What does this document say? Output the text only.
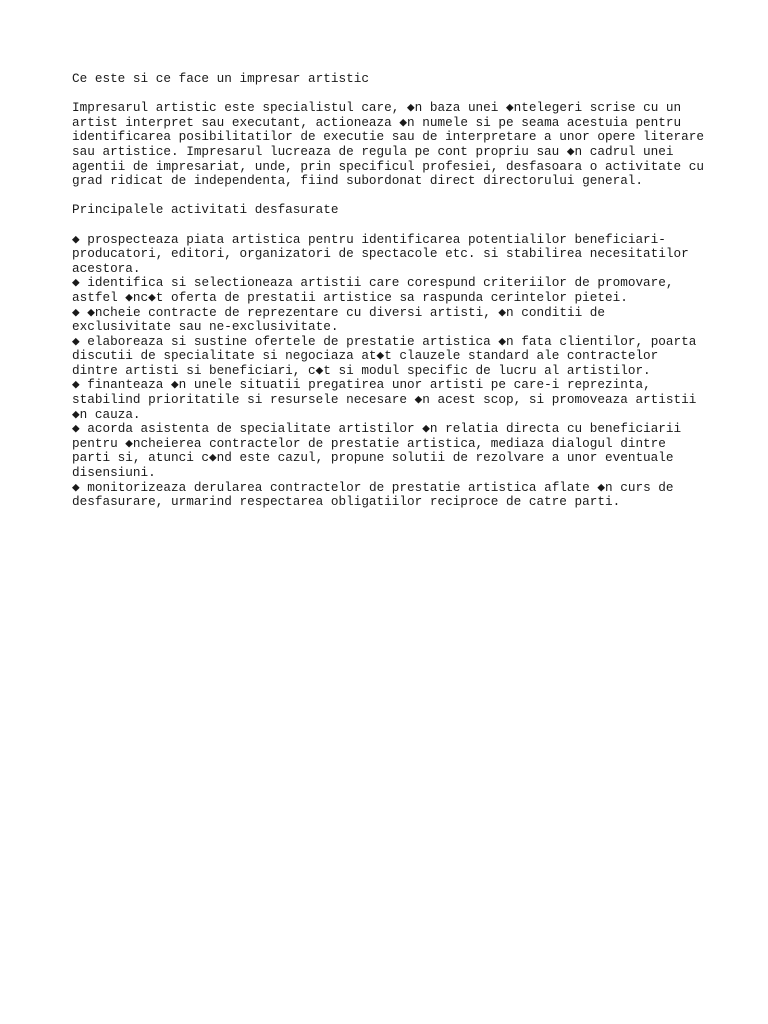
Ce este si ce face un impresar artistic
Impresarul artistic este specialistul care, ◆n baza unei ◆ntelegeri scrise cu un
artist interpret sau executant, actioneaza ◆n numele si pe seama acestuia pentru
identificarea posibilitatilor de executie sau de interpretare a unor opere literare
sau artistice. Impresarul lucreaza de regula pe cont propriu sau ◆n cadrul unei
agentii de impresariat, unde, prin specificul profesiei, desfasoara o activitate cu
grad ridicat de independenta, fiind subordonat direct directorului general.
Principalele activitati desfasurate
◆ prospecteaza piata artistica pentru identificarea potentialilor beneficiari-
producatori, editori, organizatori de spectacole etc. si stabilirea necesitatilor
acestora.
◆ identifica si selectioneaza artistii care corespund criteriilor de promovare,
astfel ◆nc◆t oferta de prestatii artistice sa raspunda cerintelor pietei.
◆ ◆ncheie contracte de reprezentare cu diversi artisti, ◆n conditii de
exclusivitate sau ne-exclusivitate.
◆ elaboreaza si sustine ofertele de prestatie artistica ◆n fata clientilor, poarta
discutii de specialitate si negociaza at◆t clauzele standard ale contractelor
dintre artisti si beneficiari, c◆t si modul specific de lucru al artistilor.
◆ finanteaza ◆n unele situatii pregatirea unor artisti pe care-i reprezinta,
stabilind prioritatile si resursele necesare ◆n acest scop, si promoveaza artistii
◆n cauza.
◆ acorda asistenta de specialitate artistilor ◆n relatia directa cu beneficiarii
pentru ◆ncheierea contractelor de prestatie artistica, mediaza dialogul dintre
parti si, atunci c◆nd este cazul, propune solutii de rezolvare a unor eventuale
disensiuni.
◆ monitorizeaza derularea contractelor de prestatie artistica aflate ◆n curs de
desfasurare, urmarind respectarea obligatiilor reciproce de catre parti.
